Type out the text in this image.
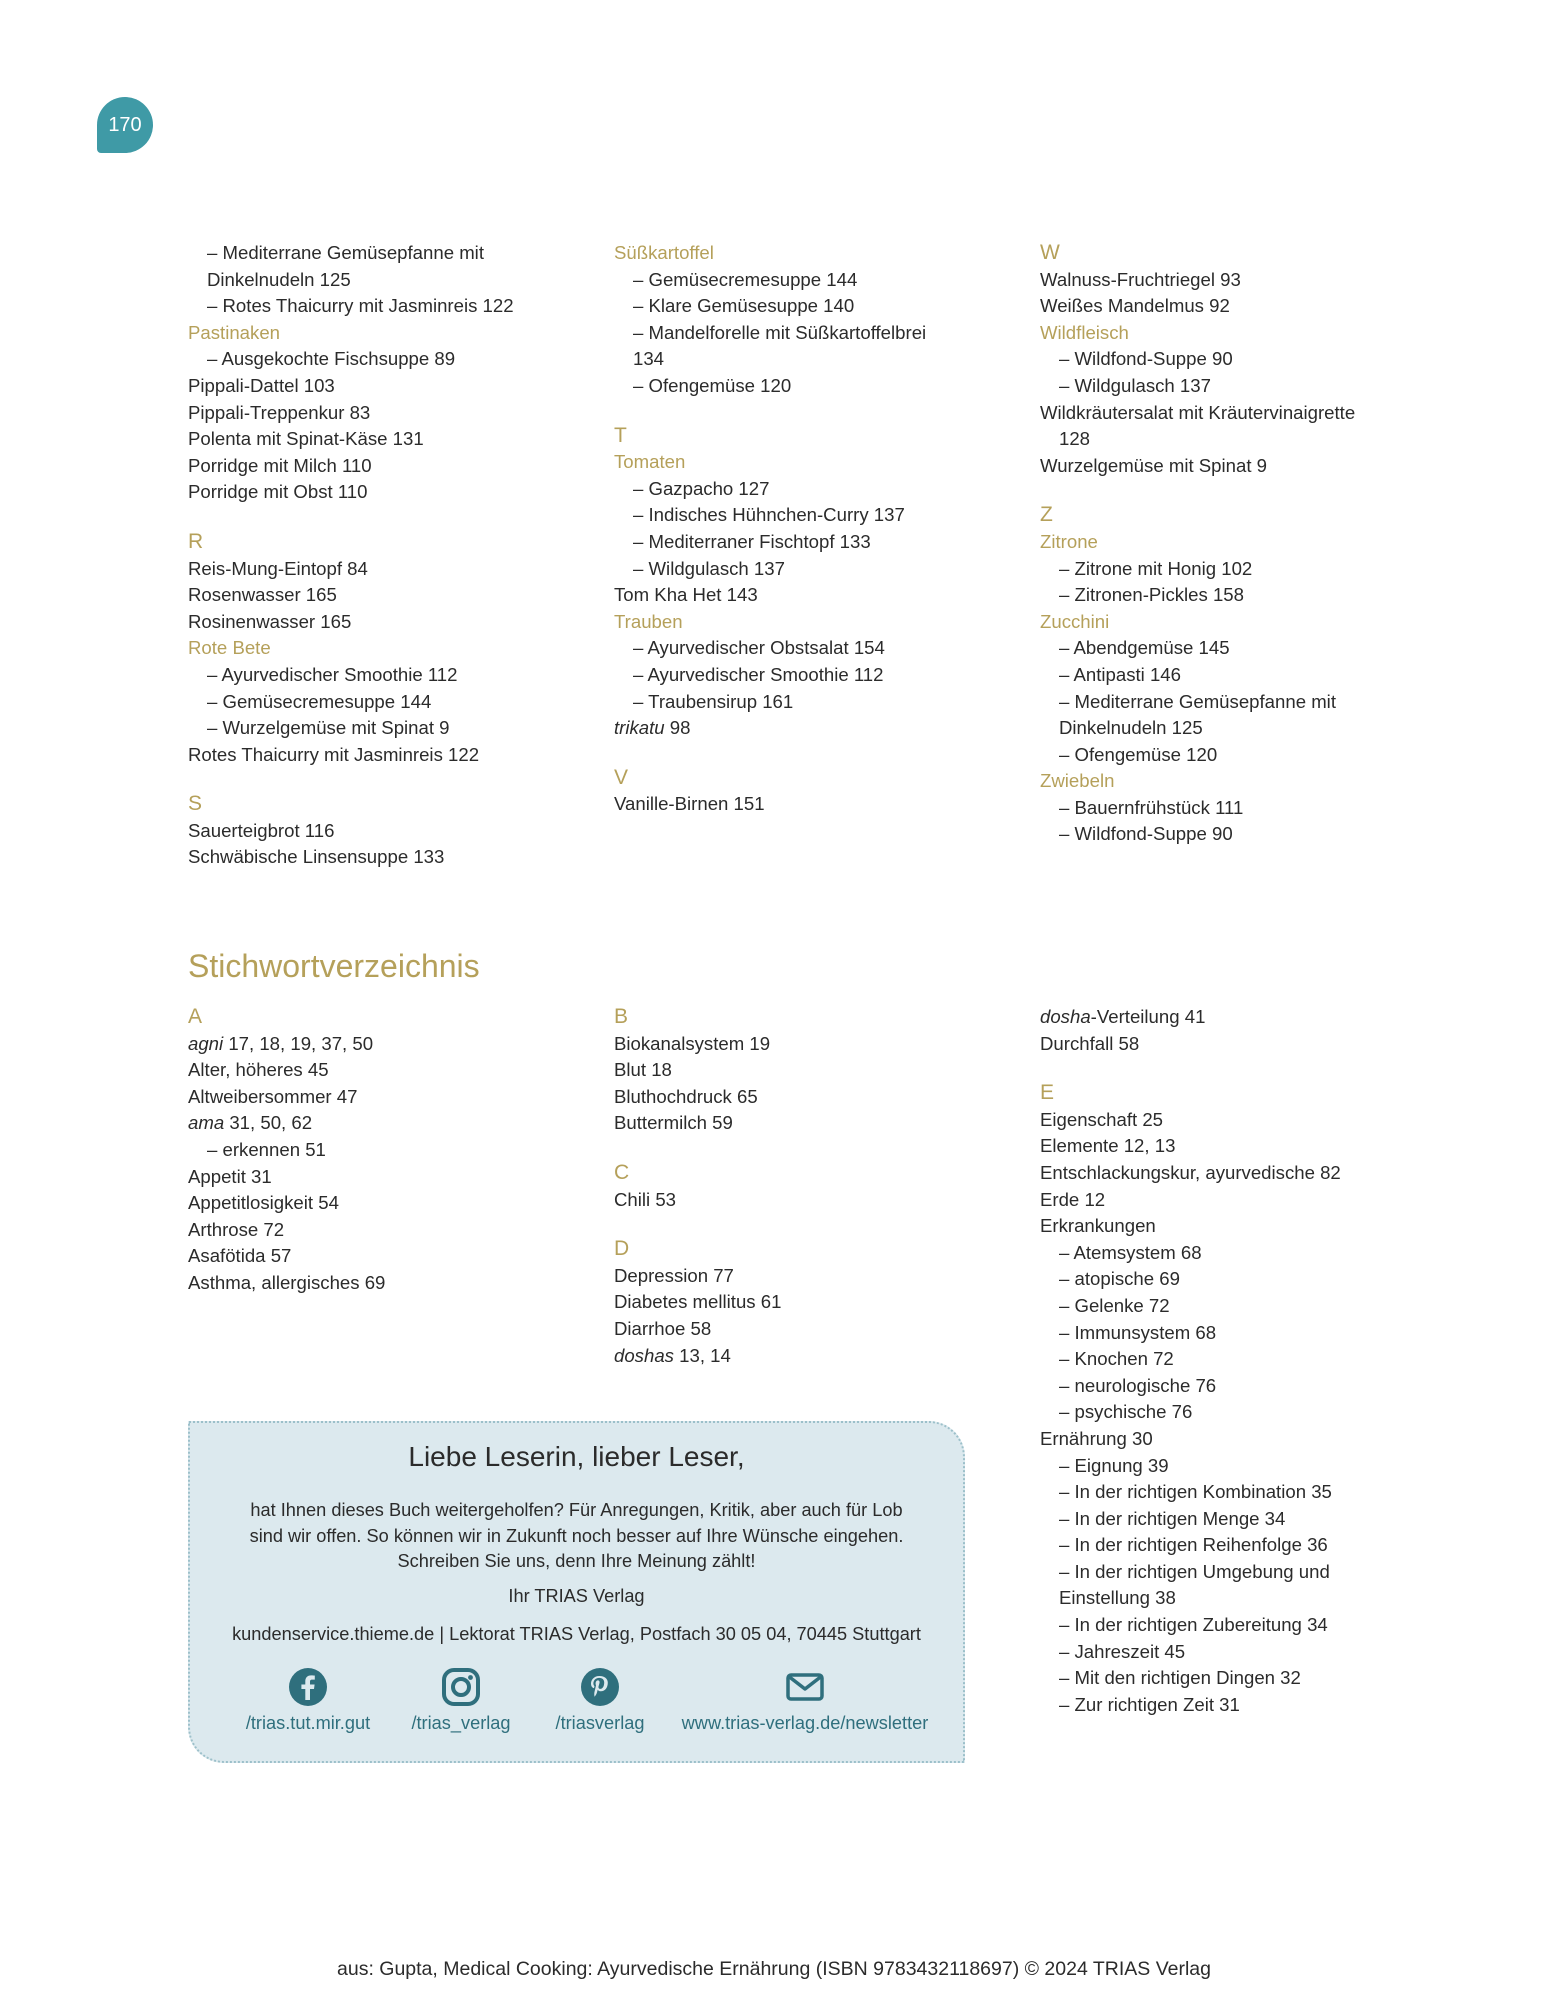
170
– Mediterrane Gemüsepfanne mit
Dinkelnudeln 125
– Rotes Thaicurry mit Jasminreis 122
Pastinaken
– Ausgekochte Fischsuppe 89
Pippali-Dattel 103
Pippali-Treppenkur 83
Polenta mit Spinat-Käse 131
Porridge mit Milch 110
Porridge mit Obst 110
R
Reis-Mung-Eintopf 84
Rosenwasser 165
Rosinenwasser 165
Rote Bete
– Ayurvedischer Smoothie 112
– Gemüsecremesuppe 144
– Wurzelgemüse mit Spinat 9
Rotes Thaicurry mit Jasminreis 122
S
Sauerteigbrot 116
Schwäbische Linsensuppe 133
Süßkartoffel
– Gemüsecremesuppe 144
– Klare Gemüsesuppe 140
– Mandelforelle mit Süßkartoffelbrei
134
– Ofengemüse 120
T
Tomaten
– Gazpacho 127
– Indisches Hühnchen-Curry 137
– Mediterraner Fischtopf 133
– Wildgulasch 137
Tom Kha Het 143
Trauben
– Ayurvedischer Obstsalat 154
– Ayurvedischer Smoothie 112
– Traubensirup 161
trikatu 98
V
Vanille-Birnen 151
W
Walnuss-Fruchtriegel 93
Weißes Mandelmus 92
Wildfleisch
– Wildfond-Suppe 90
– Wildgulasch 137
Wildkräutersalat mit Kräutervinaigrette
128
Wurzelgemüse mit Spinat 9
Z
Zitrone
– Zitrone mit Honig 102
– Zitronen-Pickles 158
Zucchini
– Abendgemüse 145
– Antipasti 146
– Mediterrane Gemüsepfanne mit
Dinkelnudeln 125
– Ofengemüse 120
Zwiebeln
– Bauernfrühstück 111
– Wildfond-Suppe 90
Stichwortverzeichnis
A
agni 17, 18, 19, 37, 50
Alter, höheres 45
Altweibersommer 47
ama 31, 50, 62
– erkennen 51
Appetit 31
Appetitlosigkeit 54
Arthrose 72
Asafötida 57
Asthma, allergisches 69
B
Biokanalsystem 19
Blut 18
Bluthochdruck 65
Buttermilch 59
C
Chili 53
D
Depression 77
Diabetes mellitus 61
Diarrhoe 58
doshas 13, 14
dosha-Verteilung 41
Durchfall 58
E
Eigenschaft 25
Elemente 12, 13
Entschlackungskur, ayurvedische 82
Erde 12
Erkrankungen
– Atemsystem 68
– atopische 69
– Gelenke 72
– Immunsystem 68
– Knochen 72
– neurologische 76
– psychische 76
Ernährung 30
– Eignung 39
– In der richtigen Kombination 35
– In der richtigen Menge 34
– In der richtigen Reihenfolge 36
– In der richtigen Umgebung und
Einstellung 38
– In der richtigen Zubereitung 34
– Jahreszeit 45
– Mit den richtigen Dingen 32
– Zur richtigen Zeit 31
Liebe Leserin, lieber Leser,
hat Ihnen dieses Buch weitergeholfen? Für Anregungen, Kritik, aber auch für Lob
sind wir offen. So können wir in Zukunft noch besser auf Ihre Wünsche eingehen.
Schreiben Sie uns, denn Ihre Meinung zählt!
Ihr TRIAS Verlag
kundenservice.thieme.de | Lektorat TRIAS Verlag, Postfach 30 05 04, 70445 Stuttgart
/trias.tut.mir.gut	/trias_verlag	/triasverlag	www.trias-verlag.de/newsletter
aus: Gupta, Medical Cooking: Ayurvedische Ernährung (ISBN 9783432118697) © 2024 TRIAS Verlag
